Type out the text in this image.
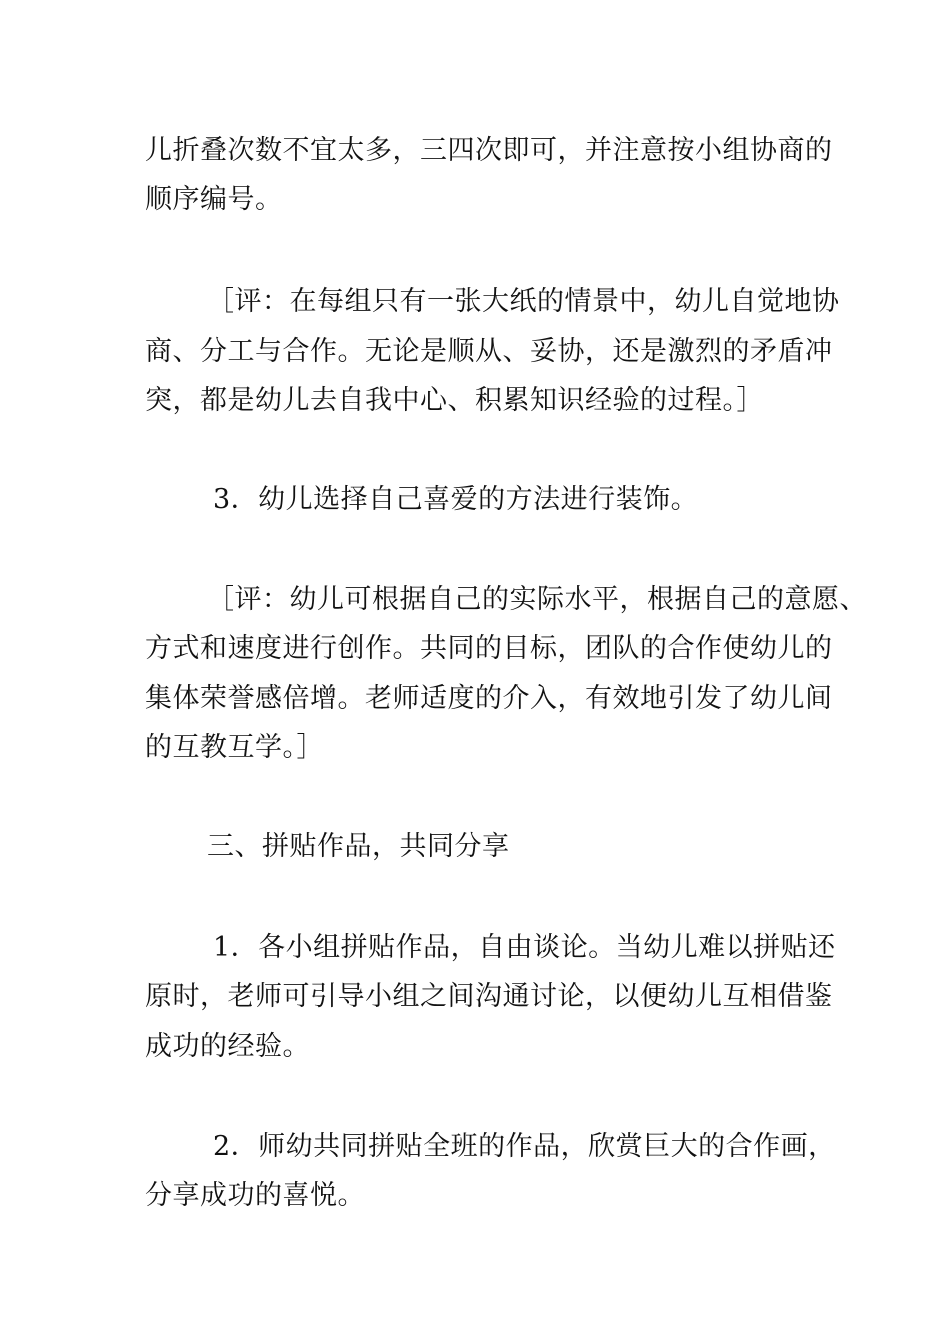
儿折叠次数不宜太多，三四次即可，并注意按小组协商的
顺序编号。
［评：在每组只有一张大纸的情景中，幼儿自觉地协
商、分工与合作。无论是顺从、妥协，还是激烈的矛盾冲
突，都是幼儿去自我中心、积累知识经验的过程。］
3．幼儿选择自己喜爱的方法进行装饰。
［评：幼儿可根据自己的实际水平，根据自己的意愿、
方式和速度进行创作。共同的目标，团队的合作使幼儿的
集体荣誉感倍增。老师适度的介入，有效地引发了幼儿间
的互教互学。］
三、拼贴作品，共同分享
1．各小组拼贴作品，自由谈论。当幼儿难以拼贴还
原时，老师可引导小组之间沟通讨论，以便幼儿互相借鉴
成功的经验。
2．师幼共同拼贴全班的作品，欣赏巨大的合作画，
分享成功的喜悦。
